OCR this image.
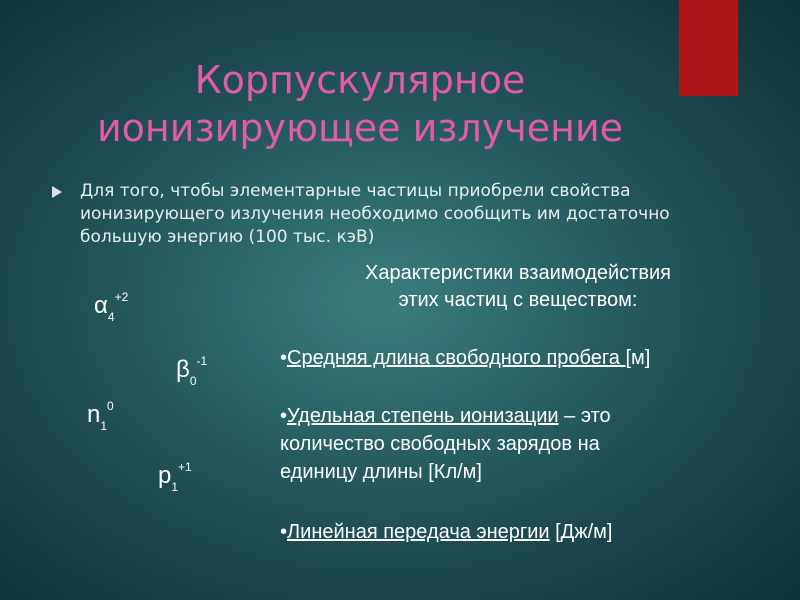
Корпускулярное
ионизирующее излучение
Для того, чтобы элементарные частицы приобрели свойства ионизирующего излучения необходимо сообщить им достаточно большую энергию (100 тыс. кэВ)
Характеристики взаимодействия
этих частиц с веществом:
•Средняя длина свободного пробега [м]
•Удельная степень ионизации – это
количество свободных зарядов на
единицу длины [Кл/м]
•Линейная передача энергии [Дж/м]
$\alpha_4^{+2}$
$\beta_0^{-1}$
$n_1^0$
$p_1^{+1}$
